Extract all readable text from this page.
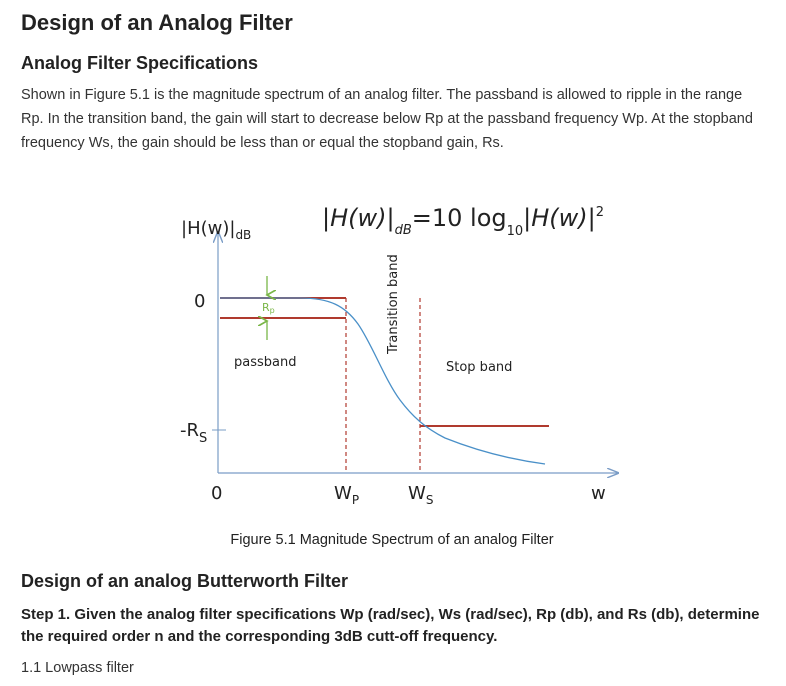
Design of an Analog Filter
Analog Filter Specifications

Shown in Figure 5.1 is the magnitude spectrum of an analog filter. The passband is allowed to ripple in the range Rp. In the transition band, the gain will start to decrease below Rp at the passband frequency Wp. At the stopband frequency Ws, the gain should be less than or equal the stopband gain, Rs.

Rp
$|H(w)|_{dB}$
$|H(w)|_{dB}=10$ $\log_{10}|H(w)|^2$
0
$-R_S$
0	$W_P$	$W_S$	w
passband	Stop band
Transition band

Figure 5.1 Magnitude Spectrum of an analog Filter

Design of an analog Butterworth Filter

Step 1. Given the analog filter specifications Wp (rad/sec), Ws (rad/sec), Rp (db), and Rs (db), determine the required order n and the corresponding 3dB cutt-off frequency.

1.1 Lowpass filter
